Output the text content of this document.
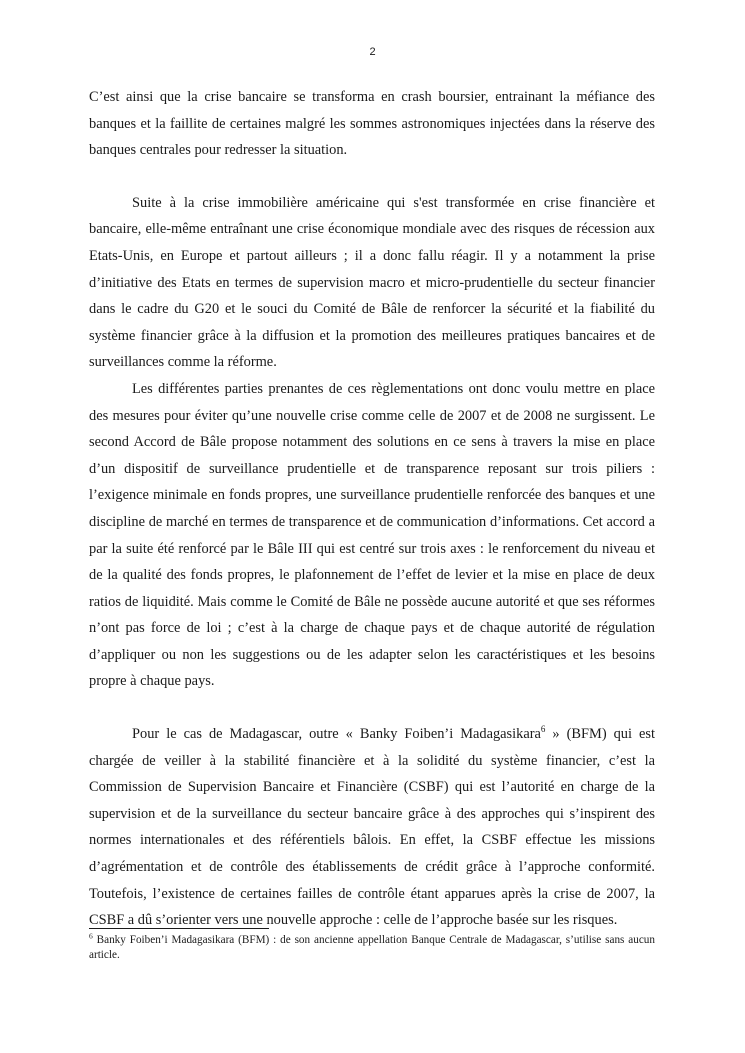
2

C’est ainsi que la crise bancaire se transforma en crash boursier, entrainant la méfiance des banques et la faillite de certaines malgré les sommes astronomiques injectées dans la réserve des banques centrales pour redresser la situation.

Suite à la crise immobilière américaine qui s'est transformée en crise financière et bancaire, elle-même entraînant une crise économique mondiale avec des risques de récession aux Etats-Unis, en Europe et partout ailleurs ; il a donc fallu réagir. Il y a notamment la prise d’initiative des Etats en termes de supervision macro et micro-prudentielle du secteur financier dans le cadre du G20 et le souci du Comité de Bâle de renforcer la sécurité et la fiabilité du système financier grâce à la diffusion et la promotion des meilleures pratiques bancaires et de surveillances comme la réforme.

Les différentes parties prenantes de ces règlementations ont donc voulu mettre en place des mesures pour éviter qu’une nouvelle crise comme celle de 2007 et de 2008 ne surgissent. Le second Accord de Bâle propose notamment des solutions en ce sens à travers la mise en place d’un dispositif de surveillance prudentielle et de transparence reposant sur trois piliers : l’exigence minimale en fonds propres, une surveillance prudentielle renforcée des banques et une discipline de marché en termes de transparence et de communication d’informations. Cet accord a par la suite été renforcé par le Bâle III qui est centré sur trois axes : le renforcement du niveau et de la qualité des fonds propres, le plafonnement de l’effet de levier et la mise en place de deux ratios de liquidité. Mais comme le Comité de Bâle ne possède aucune autorité et que ses réformes n’ont pas force de loi ; c’est à la charge de chaque pays et de chaque autorité de régulation d’appliquer ou non les suggestions ou de les adapter selon les caractéristiques et les besoins propre à chaque pays.

Pour le cas de Madagascar, outre « Banky Foiben’i Madagasikara$^6$ » (BFM) qui est chargée de veiller à la stabilité financière et à la solidité du système financier, c’est la Commission de Supervision Bancaire et Financière (CSBF) qui est l’autorité en charge de la supervision et de la surveillance du secteur bancaire grâce à des approches qui s’inspirent des normes internationales et des référentiels bâlois. En effet, la CSBF effectue les missions d’agrémentation et de contrôle des établissements de crédit grâce à l’approche conformité. Toutefois, l’existence de certaines failles de contrôle étant apparues après la crise de 2007, la CSBF a dû s’orienter vers une nouvelle approche : celle de l’approche basée sur les risques.

$^6$ Banky Foiben’i Madagasikara (BFM) : de son ancienne appellation Banque Centrale de Madagascar, s’utilise sans aucun article.
